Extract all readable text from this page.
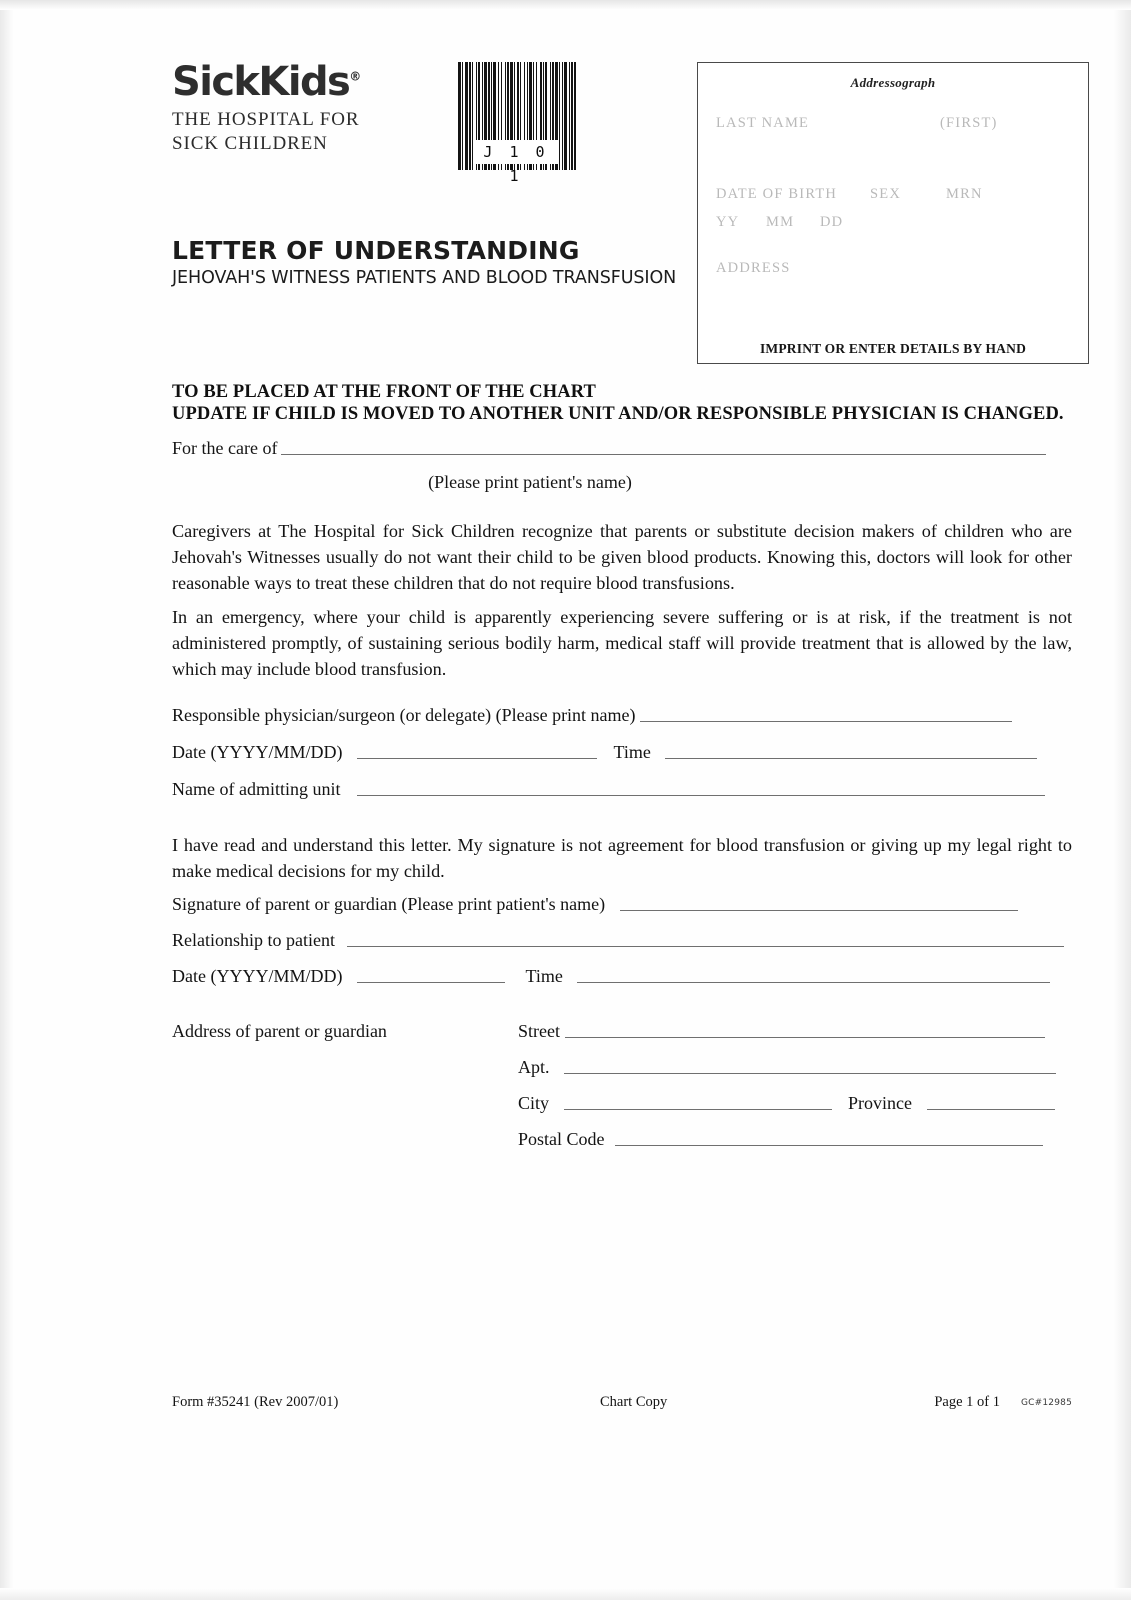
SickKids®
THE HOSPITAL FOR
SICK CHILDREN	J 1 0 1
Addressograph
LAST NAME	(FIRST)
DATE OF BIRTH SEX	MRN
YY MM DD
ADDRESS
IMPRINT OR ENTER DETAILS BY HAND
LETTER OF UNDERSTANDING
JEHOVAH'S WITNESS PATIENTS AND BLOOD TRANSFUSION
TO BE PLACED AT THE FRONT OF THE CHART
UPDATE IF CHILD IS MOVED TO ANOTHER UNIT AND/OR RESPONSIBLE PHYSICIAN IS CHANGED.
For the care of
(Please print patient's name)
Caregivers at The Hospital for Sick Children recognize that parents or substitute decision makers of children who are Jehovah's Witnesses usually do not want their child to be given blood products. Knowing this, doctors will look for other reasonable ways to treat these children that do not require blood transfusions.
In an emergency, where your child is apparently experiencing severe suffering or is at risk, if the treatment is not administered promptly, of sustaining serious bodily harm, medical staff will provide treatment that is allowed by the law, which may include blood transfusion.
Responsible physician/surgeon (or delegate) (Please print name)
Date (YYYY/MM/DD)	Time
Name of admitting unit
I have read and understand this letter. My signature is not agreement for blood transfusion or giving up my legal right to make medical decisions for my child.
Signature of parent or guardian (Please print patient's name)
Relationship to patient
Date (YYYY/MM/DD)	Time
Address of parent or guardian	Street
Apt.
City	Province
Postal Code
Form #35241 (Rev 2007/01)	Chart Copy	Page 1 of 1 GC#12985
